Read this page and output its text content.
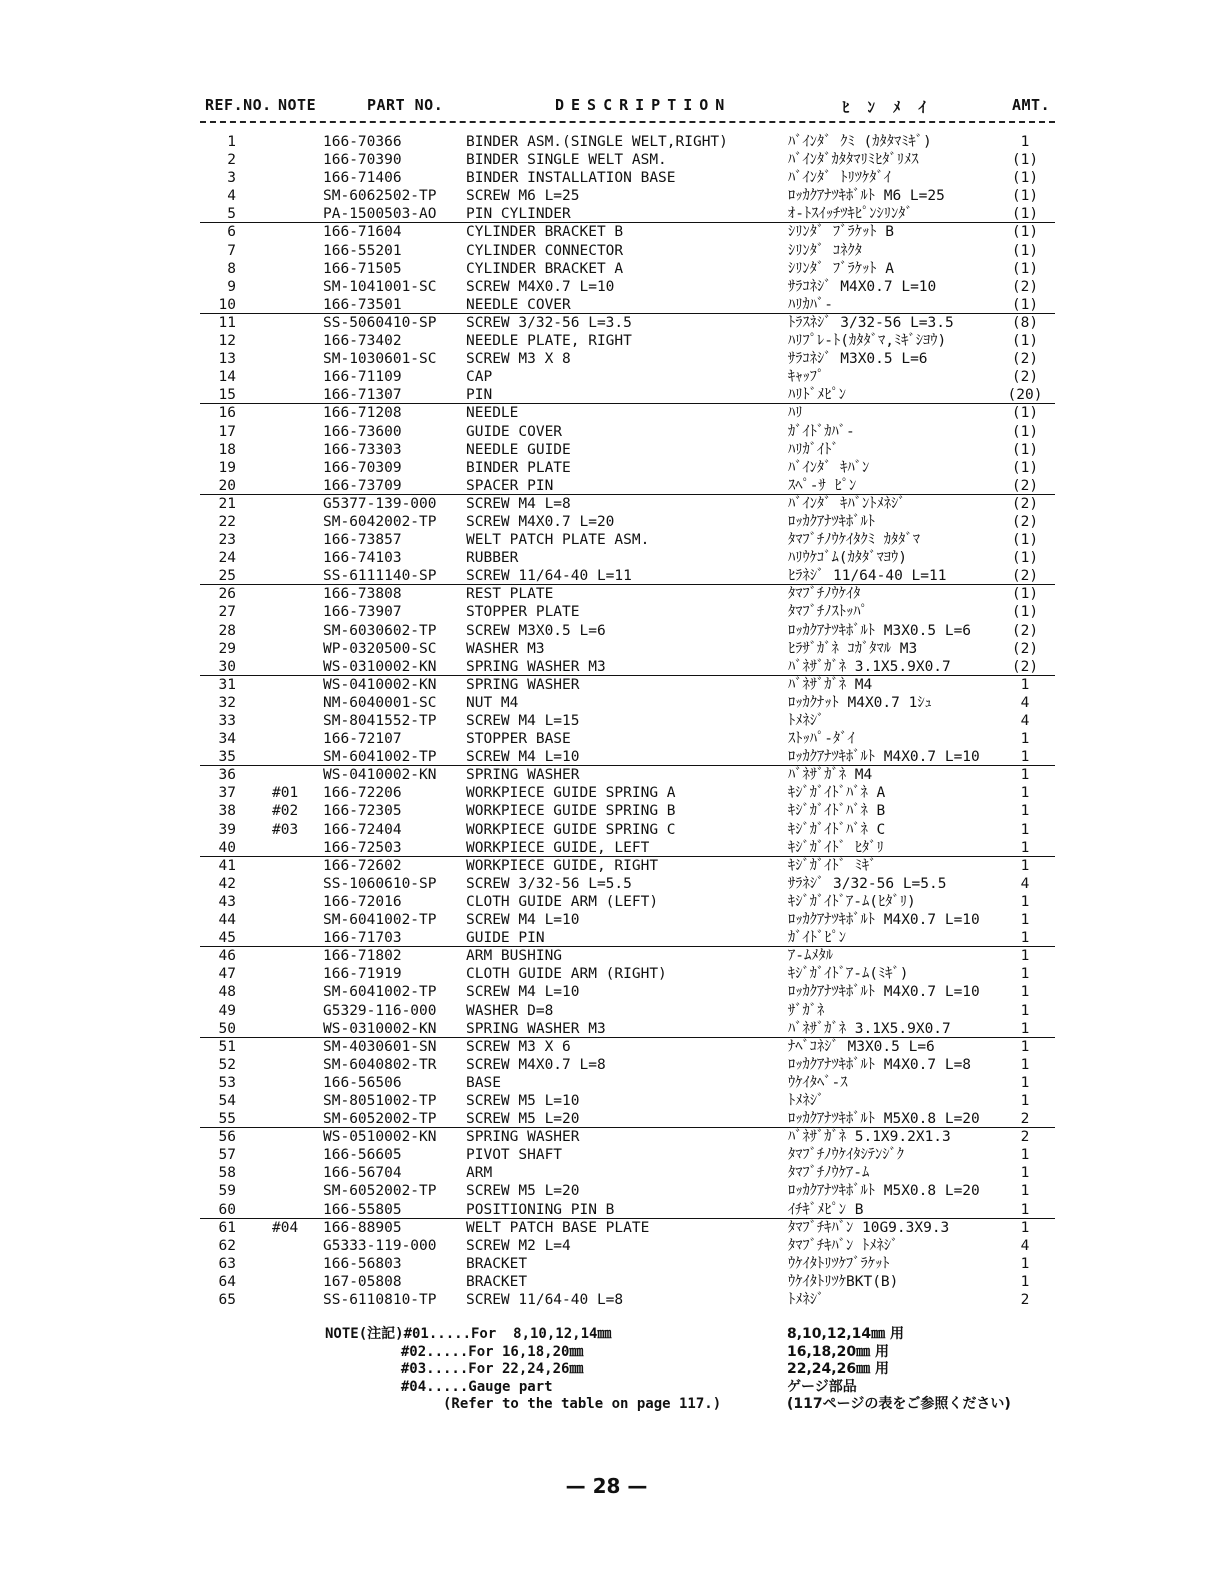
REF.NO. NOTE	PART NO.	DESCRIPTION	ﾋﾝﾒｲ	AMT.
1	166-70366	BINDER ASM.(SINGLE WELT,RIGHT)	ﾊﾞｲﾝﾀﾞ ｸﾐ (ｶﾀﾀﾏﾐｷﾞ)	1
2	166-70390	BINDER SINGLE WELT ASM.	ﾊﾞｲﾝﾀﾞｶﾀﾀﾏﾘﾐﾋﾀﾞﾘﾒｽ	(1)
3	166-71406	BINDER INSTALLATION BASE	ﾊﾞｲﾝﾀﾞ ﾄﾘﾂｹﾀﾞｲ	(1)
4	SM-6062502-TP SCREW M6 L=25	ﾛｯｶｸｱﾅﾂｷﾎﾞﾙﾄ M6 L=25	(1)
5	PA-1500503-AO PIN CYLINDER	ｵ-ﾄｽｲｯﾁﾂｷﾋﾟﾝｼﾘﾝﾀﾞ	(1)
6	166-71604	CYLINDER BRACKET B	ｼﾘﾝﾀﾞ ﾌﾞﾗｹｯﾄ B	(1)
7	166-55201	CYLINDER CONNECTOR	ｼﾘﾝﾀﾞ ｺﾈｸﾀ	(1)
8	166-71505	CYLINDER BRACKET A	ｼﾘﾝﾀﾞ ﾌﾞﾗｹｯﾄ A	(1)
9	SM-1041001-SC SCREW M4X0.7 L=10	ｻﾗｺﾈｼﾞ M4X0.7 L=10	(2)
10	166-73501	NEEDLE COVER	ﾊﾘｶﾊﾞ-	(1)
11	SS-5060410-SP SCREW 3/32-56 L=3.5	ﾄﾗｽﾈｼﾞ 3/32-56 L=3.5	(8)
12	166-73402	NEEDLE PLATE, RIGHT	ﾊﾘﾌﾟﾚ-ﾄ(ｶﾀﾀﾞﾏ,ﾐｷﾞｼﾖｳ)	(1)
13	SM-1030601-SC SCREW M3 X 8	ｻﾗｺﾈｼﾞ M3X0.5 L=6	(2)
14	166-71109	CAP	ｷｬｯﾌﾟ	(2)
15	166-71307	PIN	ﾊﾘﾄﾞﾒﾋﾟﾝ	(20)
16	166-71208	NEEDLE	ﾊﾘ	(1)
17	166-73600	GUIDE COVER	ｶﾞｲﾄﾞｶﾊﾞ-	(1)
18	166-73303	NEEDLE GUIDE	ﾊﾘｶﾞｲﾄﾞ	(1)
19	166-70309	BINDER PLATE	ﾊﾞｲﾝﾀﾞ ｷﾊﾞﾝ	(1)
20	166-73709	SPACER PIN	ｽﾍﾟ-ｻ ﾋﾟﾝ	(2)
21	G5377-139-000 SCREW M4 L=8	ﾊﾞｲﾝﾀﾞ ｷﾊﾞﾝﾄﾒﾈｼﾞ	(2)
22	SM-6042002-TP SCREW M4X0.7 L=20	ﾛｯｶｸｱﾅﾂｷﾎﾞﾙﾄ	(2)
23	166-73857	WELT PATCH PLATE ASM.	ﾀﾏﾌﾞﾁﾉｳｹｲﾀｸﾐ ｶﾀﾀﾞﾏ	(1)
24	166-74103	RUBBER	ﾊﾘｳｹｺﾞﾑ(ｶﾀﾀﾞﾏﾖｳ)	(1)
25	SS-6111140-SP SCREW 11/64-40 L=11	ﾋﾗﾈｼﾞ 11/64-40 L=11	(2)
26	166-73808	REST PLATE	ﾀﾏﾌﾞﾁﾉｳｹｲﾀ	(1)
27	166-73907	STOPPER PLATE	ﾀﾏﾌﾞﾁﾉｽﾄｯﾊﾟ	(1)
28	SM-6030602-TP SCREW M3X0.5 L=6	ﾛｯｶｸｱﾅﾂｷﾎﾞﾙﾄ M3X0.5 L=6	(2)
29	WP-0320500-SC WASHER M3	ﾋﾗｻﾞｶﾞﾈ ｺｶﾞﾀﾏﾙ M3	(2)
30	WS-0310002-KN SPRING WASHER M3	ﾊﾞﾈｻﾞｶﾞﾈ 3.1X5.9X0.7	(2)
31	WS-0410002-KN SPRING WASHER	ﾊﾞﾈｻﾞｶﾞﾈ M4	1
32	NM-6040001-SC NUT M4	ﾛｯｶｸﾅｯﾄ M4X0.7 1ｼｭ	4
33	SM-8041552-TP SCREW M4 L=15	ﾄﾒﾈｼﾞ	4
34	166-72107	STOPPER BASE	ｽﾄｯﾊﾟ-ﾀﾞｲ	1
35	SM-6041002-TP SCREW M4 L=10	ﾛｯｶｸｱﾅﾂｷﾎﾞﾙﾄ M4X0.7 L=10	1
36	WS-0410002-KN SPRING WASHER	ﾊﾞﾈｻﾞｶﾞﾈ M4	1
37 #01	166-72206	WORKPIECE GUIDE SPRING A	ｷｼﾞｶﾞｲﾄﾞﾊﾞﾈ A	1
38 #02	166-72305	WORKPIECE GUIDE SPRING B	ｷｼﾞｶﾞｲﾄﾞﾊﾞﾈ B	1
39 #03	166-72404	WORKPIECE GUIDE SPRING C	ｷｼﾞｶﾞｲﾄﾞﾊﾞﾈ C	1
40	166-72503	WORKPIECE GUIDE, LEFT	ｷｼﾞｶﾞｲﾄﾞ ﾋﾀﾞﾘ	1
41	166-72602	WORKPIECE GUIDE, RIGHT	ｷｼﾞｶﾞｲﾄﾞ ﾐｷﾞ	1
42	SS-1060610-SP SCREW 3/32-56 L=5.5	ｻﾗﾈｼﾞ 3/32-56 L=5.5	4
43	166-72016	CLOTH GUIDE ARM (LEFT)	ｷｼﾞｶﾞｲﾄﾞｱ-ﾑ(ﾋﾀﾞﾘ)	1
44	SM-6041002-TP SCREW M4 L=10	ﾛｯｶｸｱﾅﾂｷﾎﾞﾙﾄ M4X0.7 L=10	1
45	166-71703	GUIDE PIN	ｶﾞｲﾄﾞﾋﾟﾝ	1
46	166-71802	ARM BUSHING	ｱ-ﾑﾒﾀﾙ	1
47	166-71919	CLOTH GUIDE ARM (RIGHT)	ｷｼﾞｶﾞｲﾄﾞｱ-ﾑ(ﾐｷﾞ)	1
48	SM-6041002-TP SCREW M4 L=10	ﾛｯｶｸｱﾅﾂｷﾎﾞﾙﾄ M4X0.7 L=10	1
49	G5329-116-000 WASHER D=8	ｻﾞｶﾞﾈ	1
50	WS-0310002-KN SPRING WASHER M3	ﾊﾞﾈｻﾞｶﾞﾈ 3.1X5.9X0.7	1
51	SM-4030601-SN SCREW M3 X 6	ﾅﾍﾞｺﾈｼﾞ M3X0.5 L=6	1
52	SM-6040802-TR SCREW M4X0.7 L=8	ﾛｯｶｸｱﾅﾂｷﾎﾞﾙﾄ M4X0.7 L=8	1
53	166-56506	BASE	ｳｹｲﾀﾍﾞ-ｽ	1
54	SM-8051002-TP SCREW M5 L=10	ﾄﾒﾈｼﾞ	1
55	SM-6052002-TP SCREW M5 L=20	ﾛｯｶｸｱﾅﾂｷﾎﾞﾙﾄ M5X0.8 L=20	2
56	WS-0510002-KN SPRING WASHER	ﾊﾞﾈｻﾞｶﾞﾈ 5.1X9.2X1.3	2
57	166-56605	PIVOT SHAFT	ﾀﾏﾌﾞﾁﾉｳｹｲﾀｼﾃﾝｼﾞｸ	1
58	166-56704	ARM	ﾀﾏﾌﾞﾁﾉｳｹｱ-ﾑ	1
59	SM-6052002-TP SCREW M5 L=20	ﾛｯｶｸｱﾅﾂｷﾎﾞﾙﾄ M5X0.8 L=20	1
60	166-55805	POSITIONING PIN B	ｲﾁｷﾞﾒﾋﾟﾝ B	1
61 #04	166-88905	WELT PATCH BASE PLATE	ﾀﾏﾌﾞﾁｷﾊﾞﾝ 10G9.3X9.3	1
62	G5333-119-000 SCREW M2 L=4	ﾀﾏﾌﾞﾁｷﾊﾞﾝ ﾄﾒﾈｼﾞ	4
63	166-56803	BRACKET	ｳｹｲﾀﾄﾘﾂｹﾌﾞﾗｹｯﾄ	1
64	167-05808	BRACKET	ｳｹｲﾀﾄﾘﾂｹBKT(B)	1
65	SS-6110810-TP SCREW 11/64-40 L=8	ﾄﾒﾈｼﾞ	2
NOTE(注記)#01.....For  8,10,12,14㎜	8,10,12,14㎜ 用
#02.....For 16,18,20㎜	16,18,20㎜ 用
#03.....For 22,24,26㎜	22,24,26㎜ 用
#04.....Gauge part	ゲージ部品
(Refer to the table on page 117.)	(117ページの表をご参照ください)
— 28 —
